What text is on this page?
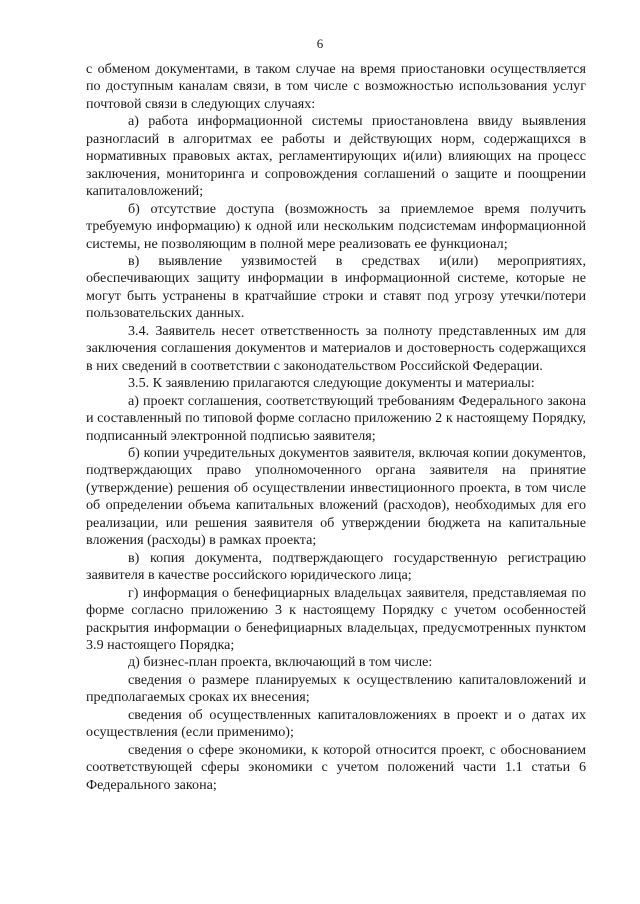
6

с обменом документами, в таком случае на время приостановки осуществляется по доступным каналам связи, в том числе с возможностью использования услуг почтовой связи в следующих случаях:

а) работа информационной системы приостановлена ввиду выявления разногласий в алгоритмах ее работы и действующих норм, содержащихся в нормативных правовых актах, регламентирующих и(или) влияющих на процесс заключения, мониторинга и сопровождения соглашений о защите и поощрении капиталовложений;

б) отсутствие доступа (возможность за приемлемое время получить требуемую информацию) к одной или нескольким подсистемам информационной системы, не позволяющим в полной мере реализовать ее функционал;

в) выявление уязвимостей в средствах и(или) мероприятиях, обеспечивающих защиту информации в информационной системе, которые не могут быть устранены в кратчайшие строки и ставят под угрозу утечки/потери пользовательских данных.

3.4. Заявитель несет ответственность за полноту представленных им для заключения соглашения документов и материалов и достоверность содержащихся в них сведений в соответствии с законодательством Российской Федерации.

3.5. К заявлению прилагаются следующие документы и материалы:

а) проект соглашения, соответствующий требованиям Федерального закона и составленный по типовой форме согласно приложению 2 к настоящему Порядку, подписанный электронной подписью заявителя;

б) копии учредительных документов заявителя, включая копии документов, подтверждающих право уполномоченного органа заявителя на принятие (утверждение) решения об осуществлении инвестиционного проекта, в том числе об определении объема капитальных вложений (расходов), необходимых для его реализации, или решения заявителя об утверждении бюджета на капитальные вложения (расходы) в рамках проекта;

в) копия документа, подтверждающего государственную регистрацию заявителя в качестве российского юридического лица;

г) информация о бенефициарных владельцах заявителя, представляемая по форме согласно приложению 3 к настоящему Порядку с учетом особенностей раскрытия информации о бенефициарных владельцах, предусмотренных пунктом 3.9 настоящего Порядка;

д) бизнес-план проекта, включающий в том числе:

сведения о размере планируемых к осуществлению капиталовложений и предполагаемых сроках их внесения;

сведения об осуществленных капиталовложениях в проект и о датах их осуществления (если применимо);

сведения о сфере экономики, к которой относится проект, с обоснованием соответствующей сферы экономики с учетом положений части 1.1 статьи 6 Федерального закона;
